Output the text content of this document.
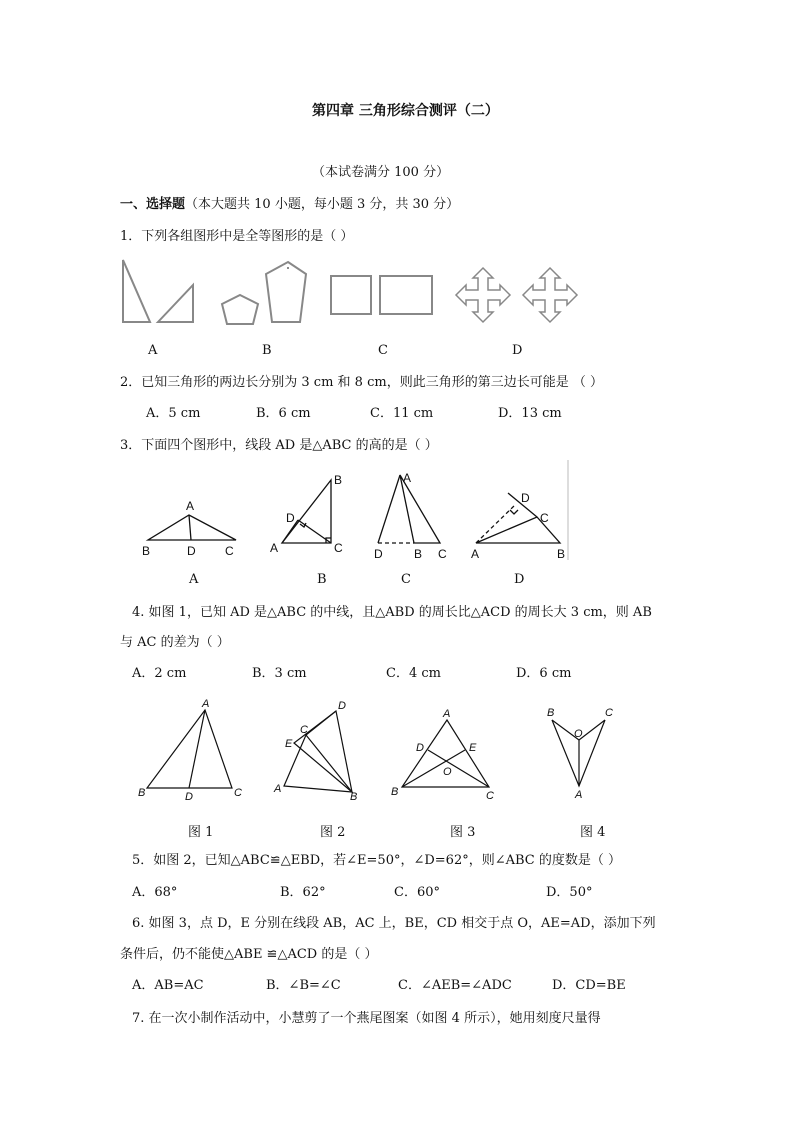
第四章 三角形综合测评（二）
（本试卷满分 100 分）
一、选择题（本大题共 10 小题，每小题 3 分，共 30 分）
1．下列各组图形中是全等图形的是（ ）
A	B	C	D
2．已知三角形的两边长分别为 3 cm 和 8 cm，则此三角形的第三边长可能是 （ ）
A．5 cm	B．6 cm	C．11 cm	D．13 cm
3．下面四个图形中，线段 AD 是△ABC 的高的是（ ）
A
B	D C
B
D
A	C
A
D	B C
D
C
A	B
A	B	C	D
4. 如图 1，已知 AD 是△ABC 的中线，且△ABD 的周长比△ACD 的周长大 3 cm，则 AB
与 AC 的差为（ ）
A．2 cm	B．3 cm	C．4 cm	D．6 cm
A
B	D	C
D
C
E
A
B
A
D	E
O
B	C
B	C
O
A
图 1	图 2	图 3	图 4
5．如图 2，已知△ABC≌△EBD，若∠E=50°，∠D=62°，则∠ABC 的度数是（ ）
A．68°	B．62°	C．60°	D．50°
6. 如图 3，点 D，E 分别在线段 AB，AC 上，BE，CD 相交于点 O，AE=AD，添加下列
条件后，仍不能使△ABE ≌△ACD 的是（ ）
A．AB=AC	B．∠B=∠C	C．∠AEB=∠ADC	D．CD=BE
7. 在一次小制作活动中，小慧剪了一个燕尾图案（如图 4 所示），她用刻度尺量得
